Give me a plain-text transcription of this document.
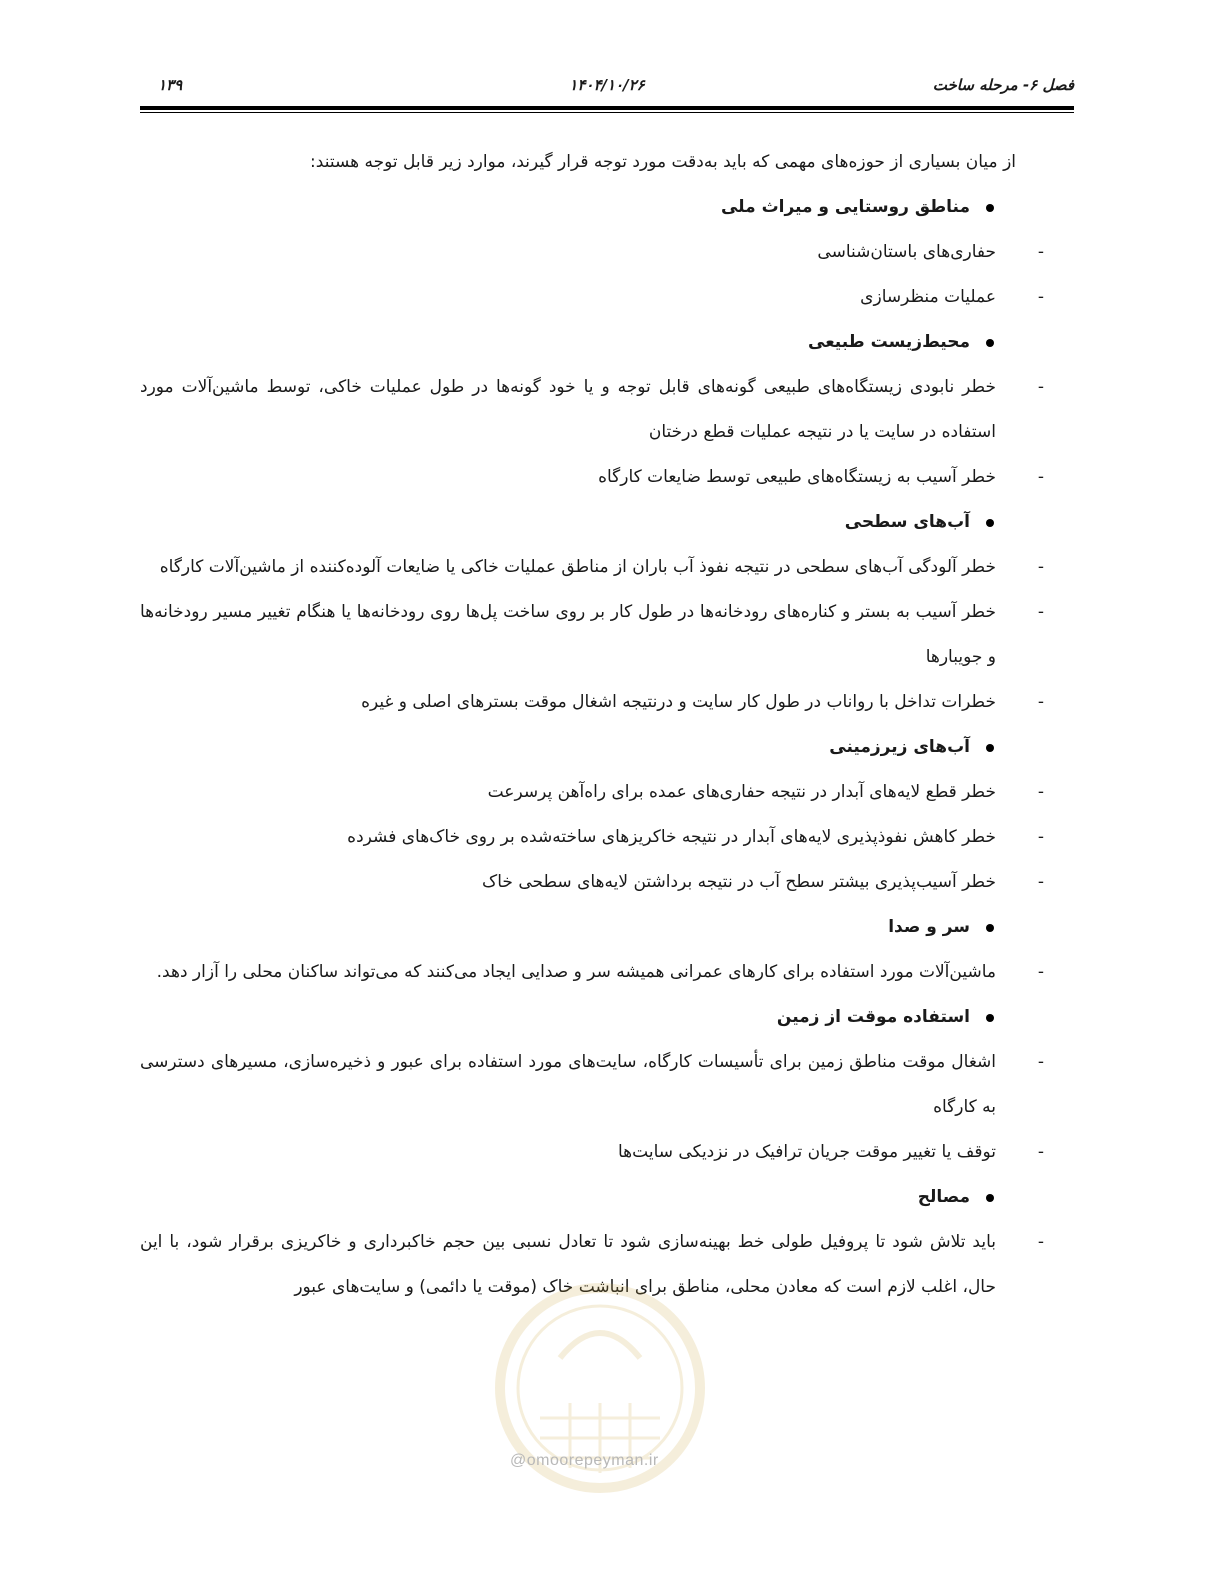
فصل ۶- مرحله ساخت
۱۴۰۴/۱۰/۲۶
۱۳۹

از میان بسیاری از حوزه‌های مهمی که باید به‌دقت مورد توجه قرار گیرند، موارد زیر قابل توجه هستند:

مناطق روستایی و میراث ملی

-
حفاری‌های باستان‌شناسی

-
عملیات منظرسازی

محیط‌زیست طبیعی

-
خطر نابودی زیستگاه‌های طبیعی گونه‌های قابل توجه و یا خود گونه‌ها در طول عملیات خاکی، توسط ماشین‌آلات مورد استفاده در سایت یا در نتیجه عملیات قطع درختان

-
خطر آسیب به زیستگاه‌های طبیعی توسط ضایعات کارگاه

آب‌های سطحی

-
خطر آلودگی آب‌های سطحی در نتیجه نفوذ آب باران از مناطق عملیات خاکی یا ضایعات آلوده‌کننده از ماشین‌آلات کارگاه

-
خطر آسیب به بستر و کناره‌های رودخانه‌ها در طول کار بر روی ساخت پل‌ها روی رودخانه‌ها یا هنگام تغییر مسیر رودخانه‌ها و جویبارها

-
خطرات تداخل با رواناب در طول کار سایت و درنتیجه اشغال موقت بسترهای اصلی و غیره

آب‌های زیرزمینی

-
خطر قطع لایه‌های آبدار در نتیجه حفاری‌های عمده برای راه‌آهن پرسرعت

-
خطر کاهش نفوذپذیری لایه‌های آبدار در نتیجه خاکریزهای ساخته‌شده بر روی خاک‌های فشرده

-
خطر آسیب‌پذیری بیشتر سطح آب در نتیجه برداشتن لایه‌های سطحی خاک

سر و صدا

-
ماشین‌آلات مورد استفاده برای کارهای عمرانی همیشه سر و صدایی ایجاد می‌کنند که می‌تواند ساکنان محلی را آزار دهد.

استفاده موقت از زمین

-
اشغال موقت مناطق زمین برای تأسیسات کارگاه، سایت‌های مورد استفاده برای عبور و ذخیره‌سازی، مسیرهای دسترسی به کارگاه

-
توقف یا تغییر موقت جریان ترافیک در نزدیکی سایت‌ها

مصالح

-
باید تلاش شود تا پروفیل طولی خط بهینه‌سازی شود تا تعادل نسبی بین حجم خاکبرداری و خاکریزی برقرار شود، با این حال، اغلب لازم است که معادن محلی، مناطق برای انباشت خاک (موقت یا دائمی) و سایت‌های عبور

@omoorepeyman.ir
